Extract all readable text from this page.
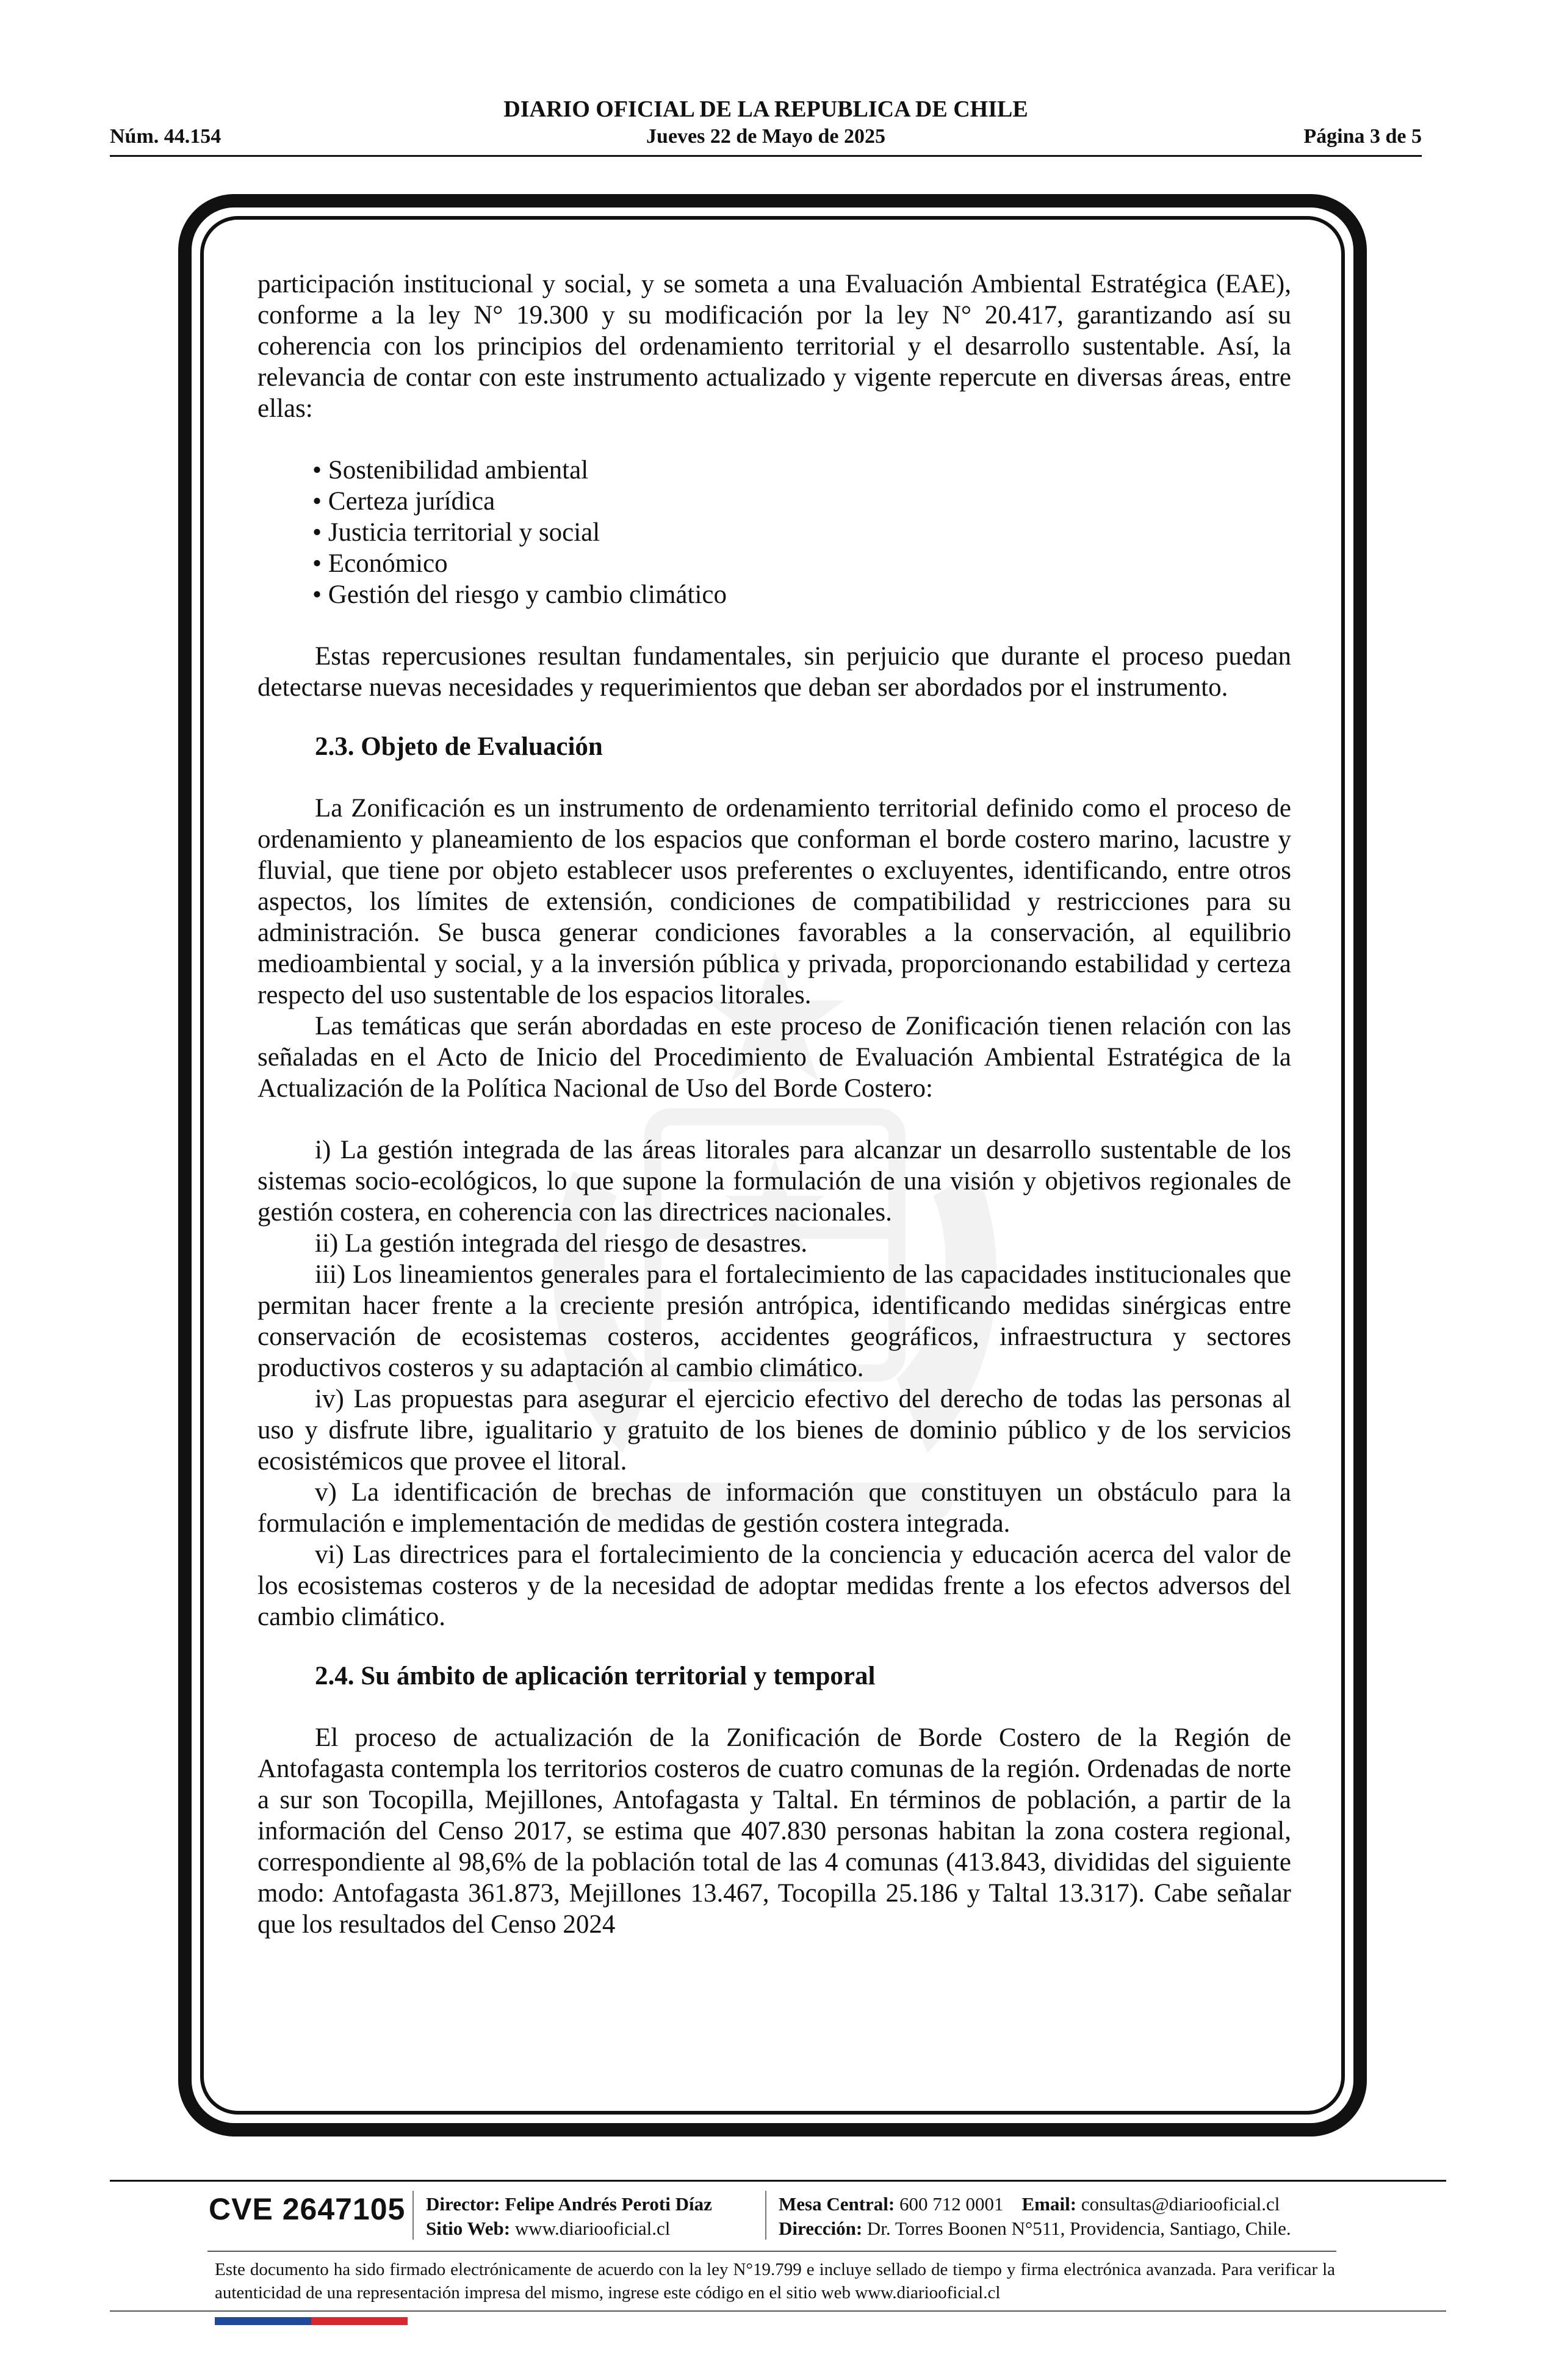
DIARIO OFICIAL DE LA REPUBLICA DE CHILE
Núm. 44.154	Jueves 22 de Mayo de 2025	Página 3 de 5

participación institucional y social, y se someta a una Evaluación Ambiental Estratégica (EAE), conforme a la ley N° 19.300 y su modificación por la ley N° 20.417, garantizando así su coherencia con los principios del ordenamiento territorial y el desarrollo sustentable. Así, la relevancia de contar con este instrumento actualizado y vigente repercute en diversas áreas, entre ellas:

• Sostenibilidad ambiental
• Certeza jurídica
• Justicia territorial y social
• Económico
• Gestión del riesgo y cambio climático

Estas repercusiones resultan fundamentales, sin perjuicio que durante el proceso puedan detectarse nuevas necesidades y requerimientos que deban ser abordados por el instrumento.

2.3. Objeto de Evaluación

La Zonificación es un instrumento de ordenamiento territorial definido como el proceso de ordenamiento y planeamiento de los espacios que conforman el borde costero marino, lacustre y fluvial, que tiene por objeto establecer usos preferentes o excluyentes, identificando, entre otros aspectos, los límites de extensión, condiciones de compatibilidad y restricciones para su administración. Se busca generar condiciones favorables a la conservación, al equilibrio medioambiental y social, y a la inversión pública y privada, proporcionando estabilidad y certeza respecto del uso sustentable de los espacios litorales.

Las temáticas que serán abordadas en este proceso de Zonificación tienen relación con las señaladas en el Acto de Inicio del Procedimiento de Evaluación Ambiental Estratégica de la Actualización de la Política Nacional de Uso del Borde Costero:

i) La gestión integrada de las áreas litorales para alcanzar un desarrollo sustentable de los sistemas socio-ecológicos, lo que supone la formulación de una visión y objetivos regionales de gestión costera, en coherencia con las directrices nacionales.

ii) La gestión integrada del riesgo de desastres.

iii) Los lineamientos generales para el fortalecimiento de las capacidades institucionales que permitan hacer frente a la creciente presión antrópica, identificando medidas sinérgicas entre conservación de ecosistemas costeros, accidentes geográficos, infraestructura y sectores productivos costeros y su adaptación al cambio climático.

iv) Las propuestas para asegurar el ejercicio efectivo del derecho de todas las personas al uso y disfrute libre, igualitario y gratuito de los bienes de dominio público y de los servicios ecosistémicos que provee el litoral.

v) La identificación de brechas de información que constituyen un obstáculo para la formulación e implementación de medidas de gestión costera integrada.

vi) Las directrices para el fortalecimiento de la conciencia y educación acerca del valor de los ecosistemas costeros y de la necesidad de adoptar medidas frente a los efectos adversos del cambio climático.

2.4. Su ámbito de aplicación territorial y temporal

El proceso de actualización de la Zonificación de Borde Costero de la Región de Antofagasta contempla los territorios costeros de cuatro comunas de la región. Ordenadas de norte a sur son Tocopilla, Mejillones, Antofagasta y Taltal. En términos de población, a partir de la información del Censo 2017, se estima que 407.830 personas habitan la zona costera regional, correspondiente al 98,6% de la población total de las 4 comunas (413.843, divididas del siguiente modo: Antofagasta 361.873, Mejillones 13.467, Tocopilla 25.186 y Taltal 13.317). Cabe señalar que los resultados del Censo 2024

CVE 2647105 Director: Felipe Andrés Peroti Díaz
Sitio Web: www.diariooficial.cl
Mesa Central: 600 712 0001 Email: consultas@diariooficial.cl
Dirección: Dr. Torres Boonen N°511, Providencia, Santiago, Chile.
Este documento ha sido firmado electrónicamente de acuerdo con la ley N°19.799 e incluye sellado de tiempo y firma electrónica avanzada. Para verificar la autenticidad de una representación impresa del mismo, ingrese este código en el sitio web www.diariooficial.cl
